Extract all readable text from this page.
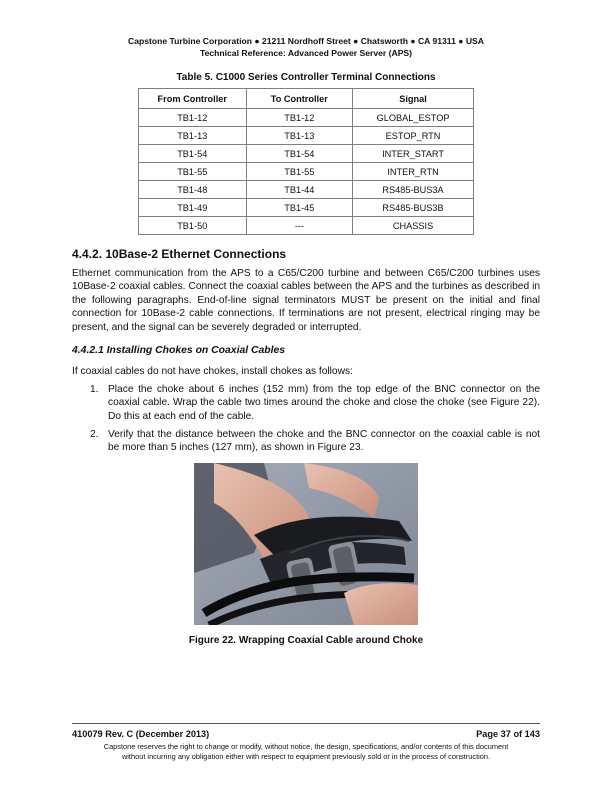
Capstone Turbine Corporation ● 21211 Nordhoff Street ● Chatsworth ● CA 91311 ● USA
Technical Reference: Advanced Power Server (APS)
Table 5. C1000 Series Controller Terminal Connections
From Controller	To Controller	Signal
TB1-12	TB1-12	GLOBAL_ESTOP
TB1-13	TB1-13	ESTOP_RTN
TB1-54	TB1-54	INTER_START
TB1-55	TB1-55	INTER_RTN
TB1-48	TB1-44	RS485-BUS3A
TB1-49	TB1-45	RS485-BUS3B
TB1-50	---	CHASSIS
4.4.2. 10Base-2 Ethernet Connections
Ethernet communication from the APS to a C65/C200 turbine and between C65/C200 turbines uses 10Base-2 coaxial cables. Connect the coaxial cables between the APS and the turbines as described in the following paragraphs. End-of-line signal terminators MUST be present on the initial and final connection for 10Base-2 cable connections. If terminations are not present, electrical ringing may be present, and the signal can be severely degraded or interrupted.
4.4.2.1 Installing Chokes on Coaxial Cables
If coaxial cables do not have chokes, install chokes as follows:
1. Place the choke about 6 inches (152 mm) from the top edge of the BNC connector on the coaxial cable. Wrap the cable two times around the choke and close the choke (see Figure 22). Do this at each end of the cable.
2. Verify that the distance between the choke and the BNC connector on the coaxial cable is not be more than 5 inches (127 mm), as shown in Figure 23.
Figure 22. Wrapping Coaxial Cable around Choke
410079 Rev. C (December 2013)	Page 37 of 143
Capstone reserves the right to change or modify, without notice, the design, specifications, and/or contents of this document
without incurring any obligation either with respect to equipment previously sold or in the process of construction.
